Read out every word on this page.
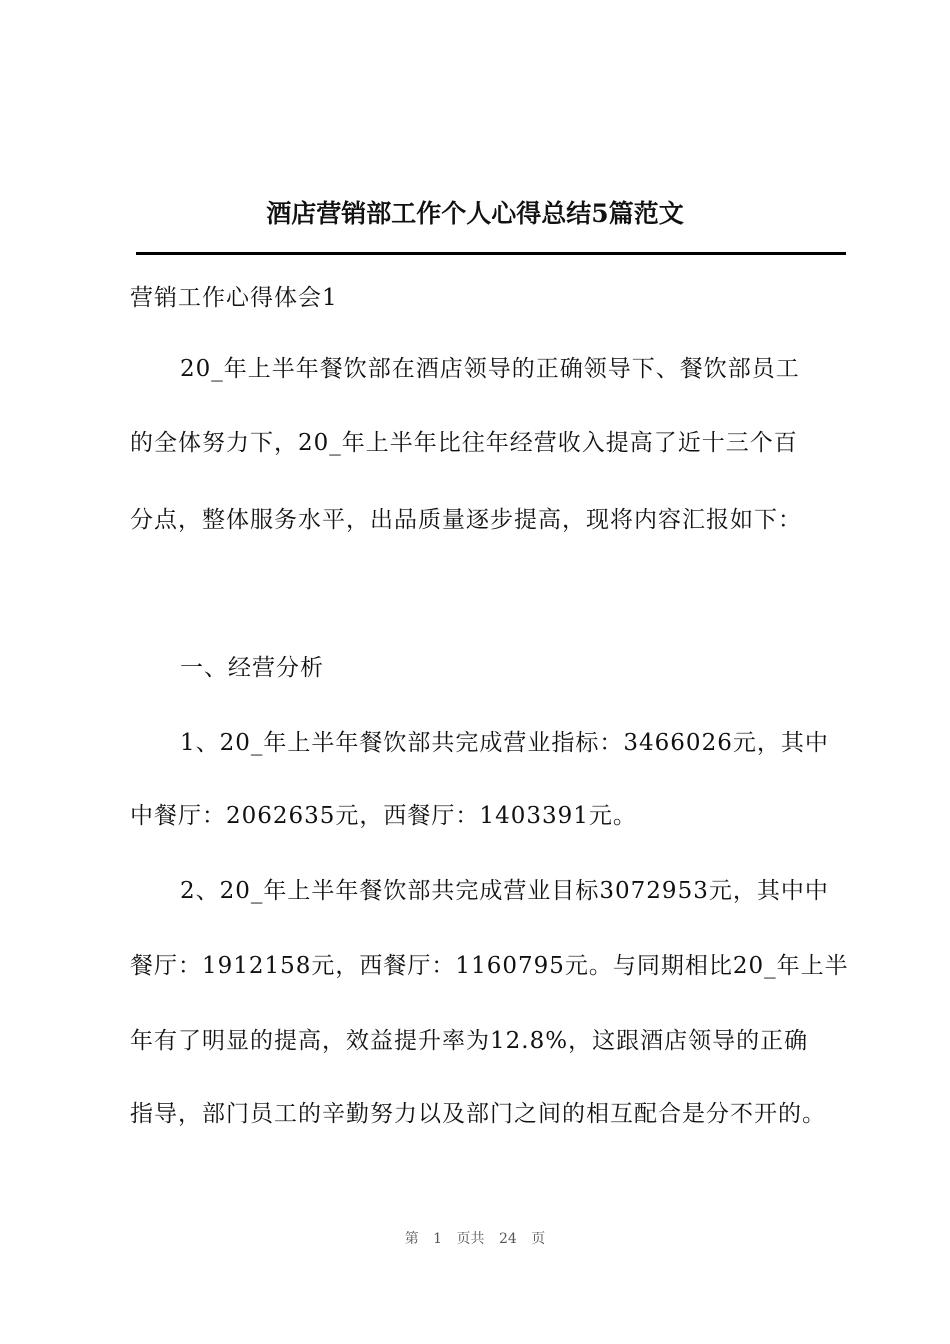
酒店营销部工作个人心得总结5篇范文
营销工作心得体会1
20_年上半年餐饮部在酒店领导的正确领导下、餐饮部员工
的全体努力下，20_年上半年比往年经营收入提高了近十三个百
分点，整体服务水平，出品质量逐步提高，现将内容汇报如下：
一、经营分析
1、20_年上半年餐饮部共完成营业指标：3466026元，其中
中餐厅：2062635元，西餐厅：1403391元。
2、20_年上半年餐饮部共完成营业目标3072953元，其中中
餐厅：1912158元，西餐厅：1160795元。与同期相比20_年上半
年有了明显的提高，效益提升率为12.8%，这跟酒店领导的正确
指导，部门员工的辛勤努力以及部门之间的相互配合是分不开的。
第 1 页共 24 页
